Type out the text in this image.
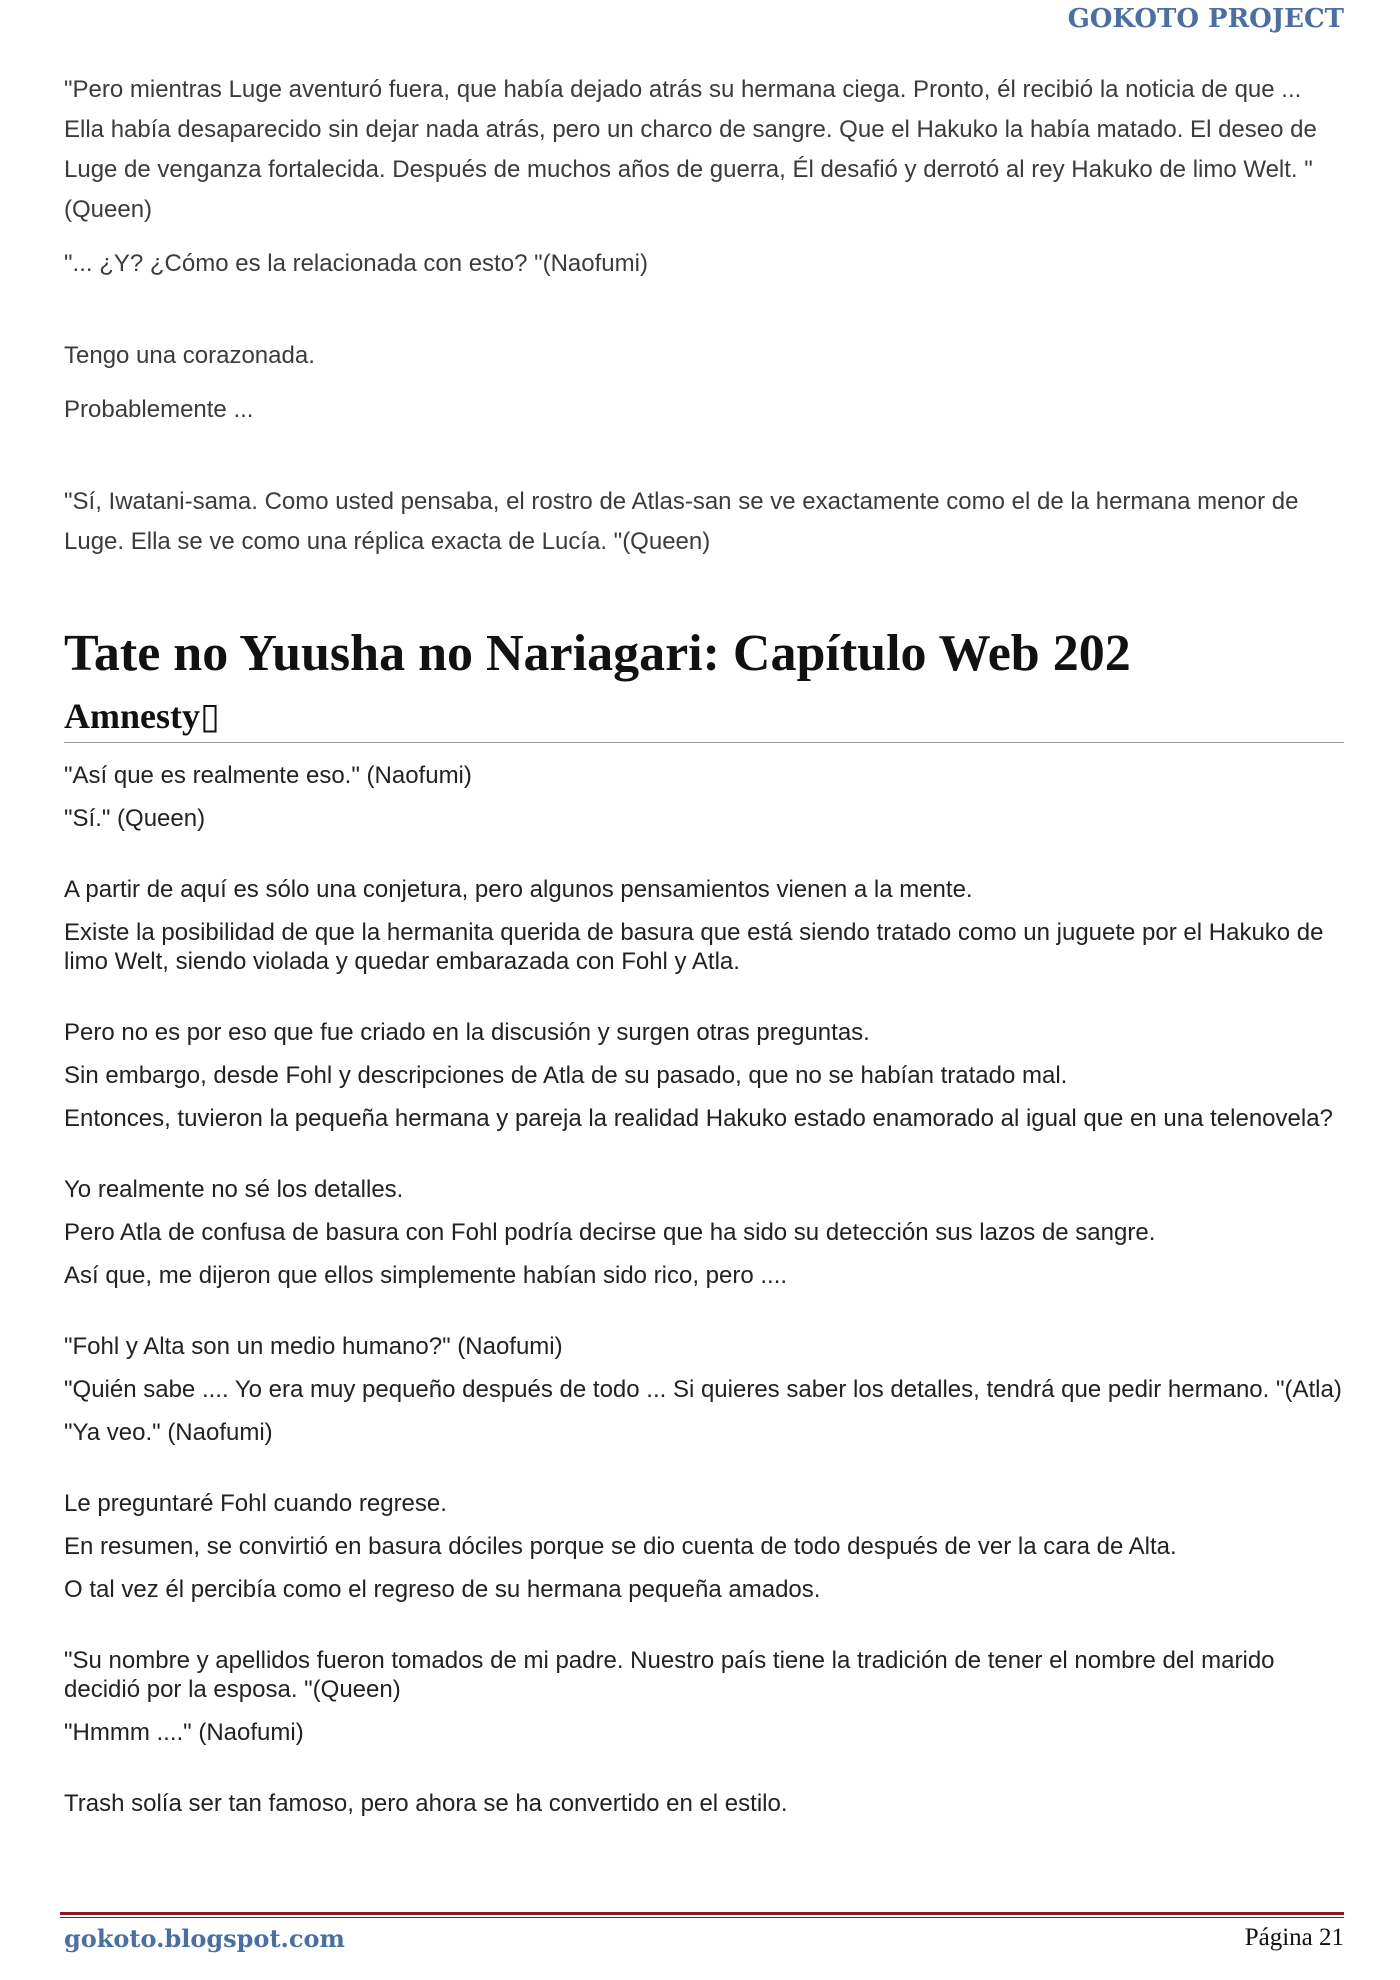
GOKOTO PROJECT

"Pero mientras Luge aventuró fuera, que había dejado atrás su hermana ciega. Pronto, él recibió la noticia de que ... Ella había desaparecido sin dejar nada atrás, pero un charco de sangre. Que el Hakuko la había matado. El deseo de Luge de venganza fortalecida. Después de muchos años de guerra, Él desafió y derrotó al rey Hakuko de limo Welt. "(Queen)

"... ¿Y? ¿Cómo es la relacionada con esto? "(Naofumi)

Tengo una corazonada.

Probablemente ...

"Sí, Iwatani-sama. Como usted pensaba, el rostro de Atlas-san se ve exactamente como el de la hermana menor de Luge. Ella se ve como una réplica exacta de Lucía. "(Queen)

Tate no Yuusha no Nariagari: Capítulo Web 202
Amnesty▯

"Así que es realmente eso." (Naofumi)

"Sí." (Queen)

A partir de aquí es sólo una conjetura, pero algunos pensamientos vienen a la mente.

Existe la posibilidad de que la hermanita querida de basura que está siendo tratado como un juguete por el Hakuko de limo Welt, siendo violada y quedar embarazada con Fohl y Atla.

Pero no es por eso que fue criado en la discusión y surgen otras preguntas.

Sin embargo, desde Fohl y descripciones de Atla de su pasado, que no se habían tratado mal.

Entonces, tuvieron la pequeña hermana y pareja la realidad Hakuko estado enamorado al igual que en una telenovela?

Yo realmente no sé los detalles.

Pero Atla de confusa de basura con Fohl podría decirse que ha sido su detección sus lazos de sangre.

Así que, me dijeron que ellos simplemente habían sido rico, pero ....

"Fohl y Alta son un medio humano?" (Naofumi)

"Quién sabe .... Yo era muy pequeño después de todo ... Si quieres saber los detalles, tendrá que pedir hermano. "(Atla)

"Ya veo." (Naofumi)

Le preguntaré Fohl cuando regrese.

En resumen, se convirtió en basura dóciles porque se dio cuenta de todo después de ver la cara de Alta.

O tal vez él percibía como el regreso de su hermana pequeña amados.

"Su nombre y apellidos fueron tomados de mi padre. Nuestro país tiene la tradición de tener el nombre del marido decidió por la esposa. "(Queen)

"Hmmm ...." (Naofumi)

Trash solía ser tan famoso, pero ahora se ha convertido en el estilo.

gokoto.blogspot.com	Página 21
